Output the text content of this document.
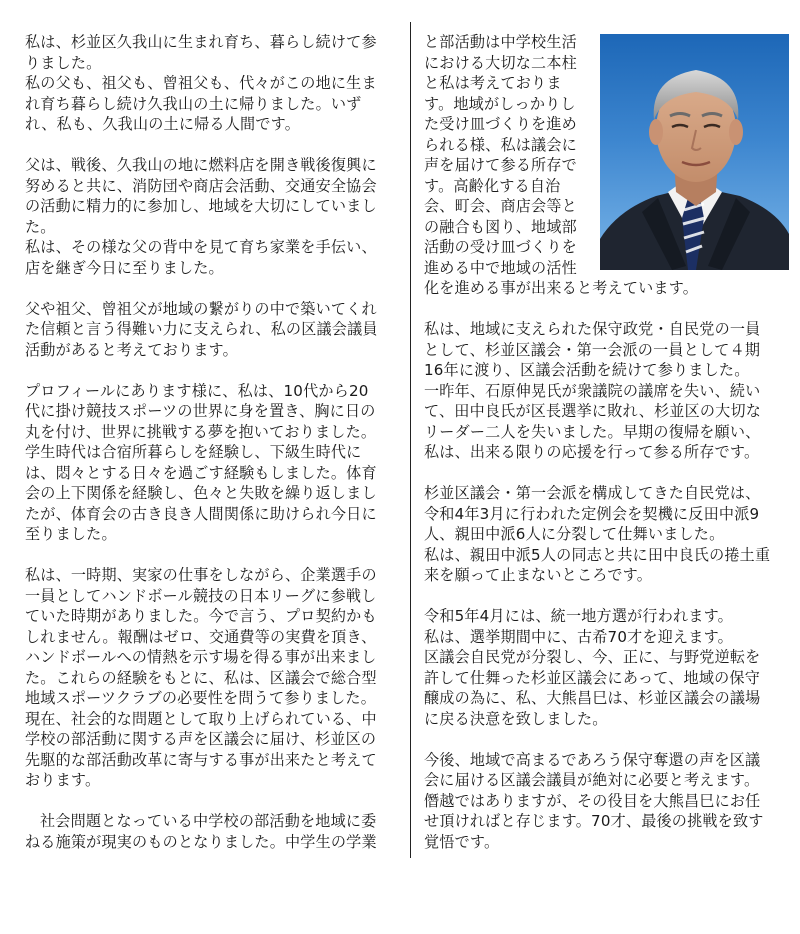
私は、杉並区久我山に生まれ育ち、暮らし続けて参
りました。
私の父も、祖父も、曾祖父も、代々がこの地に生ま
れ育ち暮らし続け久我山の土に帰りました。いず
れ、私も、久我山の土に帰る人間です。

父は、戦後、久我山の地に燃料店を開き戦後復興に
努めると共に、消防団や商店会活動、交通安全協会
の活動に精力的に参加し、地域を大切にしていまし
た。
私は、その様な父の背中を見て育ち家業を手伝い、
店を継ぎ今日に至りました。

父や祖父、曾祖父が地域の繋がりの中で築いてくれ
た信頼と言う得難い力に支えられ、私の区議会議員
活動があると考えております。

プロフィールにあります様に、私は、10代から20
代に掛け競技スポーツの世界に身を置き、胸に日の
丸を付け、世界に挑戦する夢を抱いておりました。
学生時代は合宿所暮らしを経験し、下級生時代に
は、悶々とする日々を過ごす経験もしました。体育
会の上下関係を経験し、色々と失敗を繰り返しまし
たが、体育会の古き良き人間関係に助けられ今日に
至りました。

私は、一時期、実家の仕事をしながら、企業選手の
一員としてハンドボール競技の日本リーグに参戦し
ていた時期がありました。今で言う、プロ契約かも
しれません。報酬はゼロ、交通費等の実費を頂き、
ハンドボールへの情熱を示す場を得る事が出来まし
た。これらの経験をもとに、私は、区議会で総合型
地域スポーツクラブの必要性を問うて参りました。
現在、社会的な問題として取り上げられている、中
学校の部活動に関する声を区議会に届け、杉並区の
先駆的な部活動改革に寄与する事が出来たと考えて
おります。

社会問題となっている中学校の部活動を地域に委
ねる施策が現実のものとなりました。中学生の学業

と部活動は中学校生活
における大切な二本柱
と私は考えておりま
す。地域がしっかりし
た受け皿づくりを進め
られる様、私は議会に
声を届けて参る所存で
す。高齢化する自治
会、町会、商店会等と
の融合も図り、地域部
活動の受け皿づくりを
進める中で地域の活性
化を進める事が出来ると考えています。

私は、地域に支えられた保守政党・自民党の一員
として、杉並区議会・第一会派の一員として４期
16年に渡り、区議会活動を続けて参りました。
一昨年、石原伸晃氏が衆議院の議席を失い、続い
て、田中良氏が区長選挙に敗れ、杉並区の大切な
リーダー二人を失いました。早期の復帰を願い、
私は、出来る限りの応援を行って参る所存です。

杉並区議会・第一会派を構成してきた自民党は、
令和4年3月に行われた定例会を契機に反田中派9
人、親田中派6人に分裂して仕舞いました。
私は、親田中派5人の同志と共に田中良氏の捲土重
来を願って止まないところです。

令和5年4月には、統一地方選が行われます。
私は、選挙期間中に、古希70才を迎えます。
区議会自民党が分裂し、今、正に、与野党逆転を
許して仕舞った杉並区議会にあって、地域の保守
醸成の為に、私、大熊昌巳は、杉並区議会の議場
に戻る決意を致しました。

今後、地域で高まるであろう保守奪還の声を区議
会に届ける区議会議員が絶対に必要と考えます。
僭越ではありますが、その役目を大熊昌巳にお任
せ頂ければと存じます。70才、最後の挑戦を致す
覚悟です。
